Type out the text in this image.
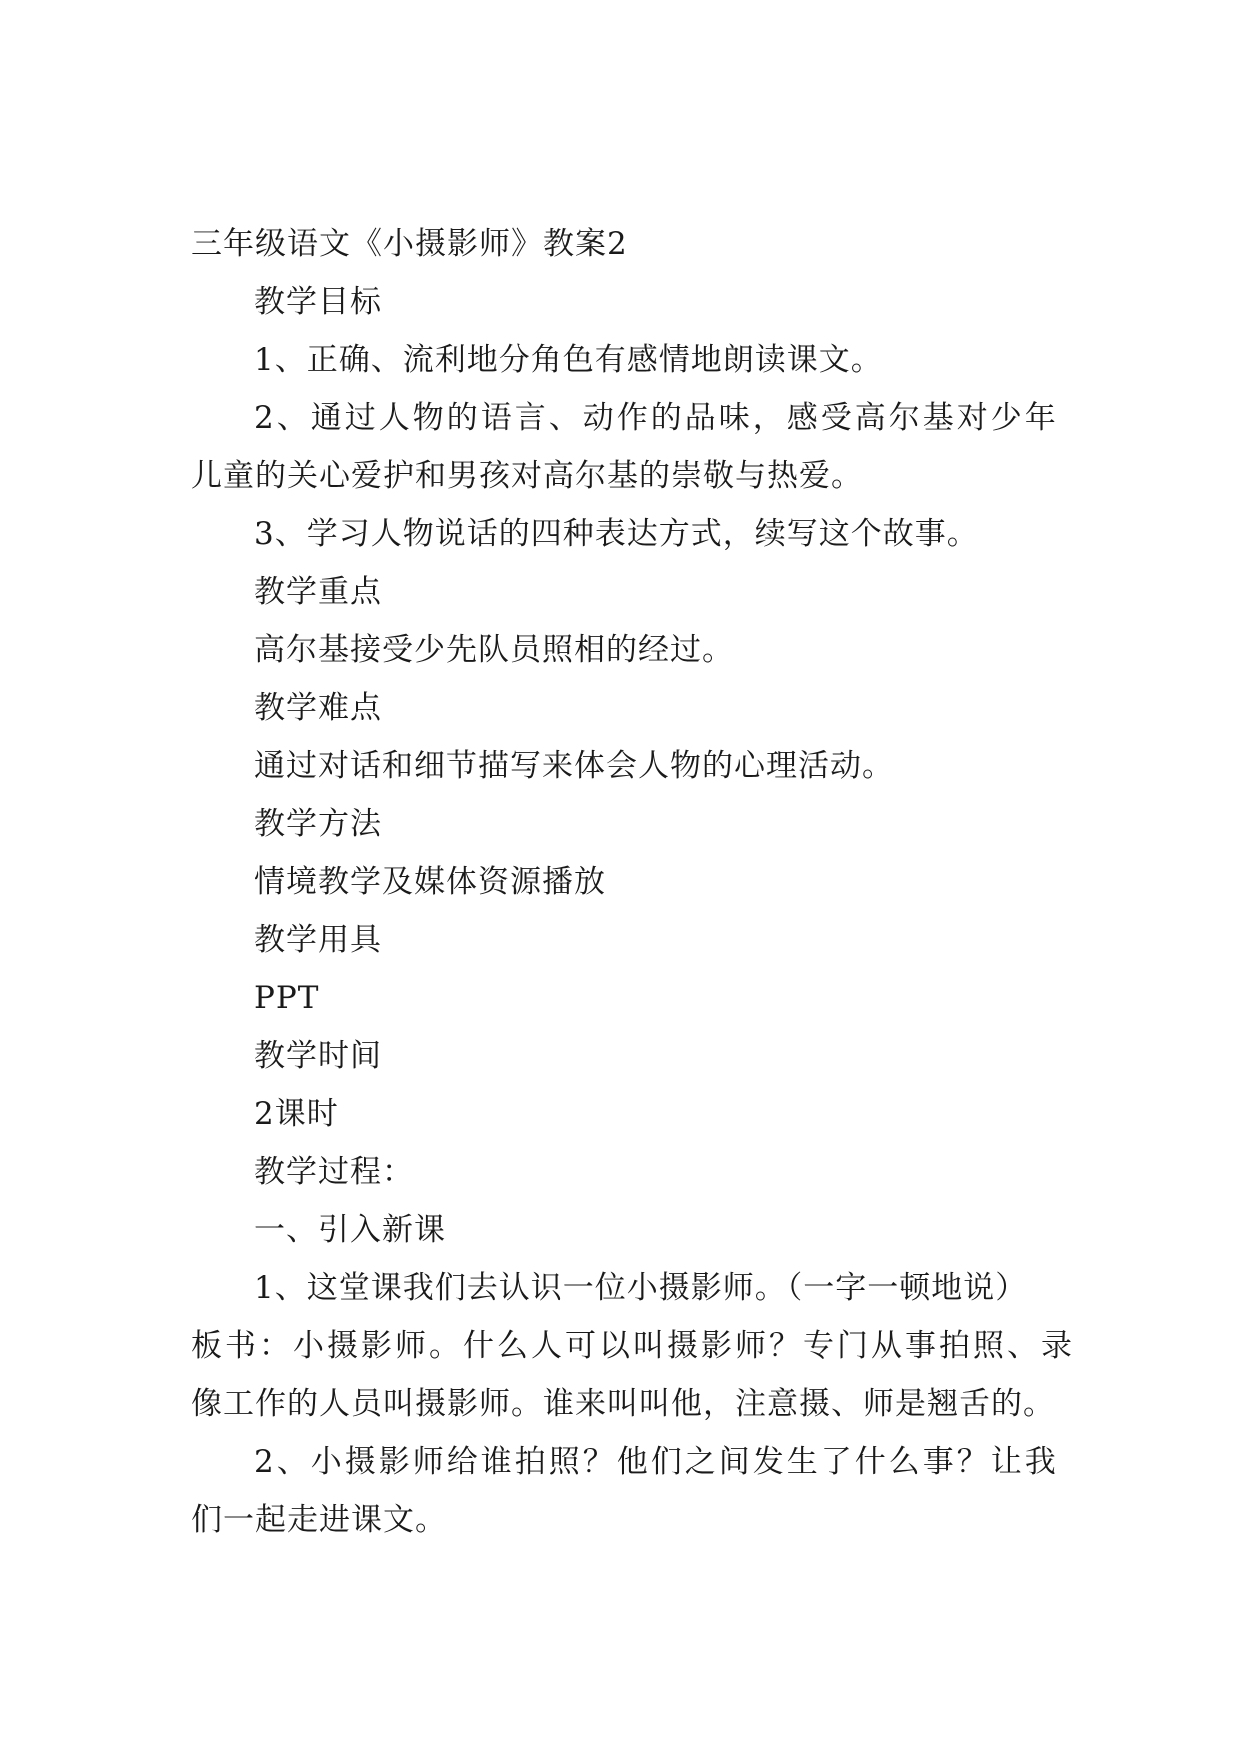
三年级语文《小摄影师》教案2
教学目标
1、正确、流利地分角色有感情地朗读课文。
2、通过人物的语言、动作的品味，感受高尔基对少年
儿童的关心爱护和男孩对高尔基的崇敬与热爱。
3、学习人物说话的四种表达方式，续写这个故事。
教学重点
高尔基接受少先队员照相的经过。
教学难点
通过对话和细节描写来体会人物的心理活动。
教学方法
情境教学及媒体资源播放
教学用具
PPT
教学时间
2课时
教学过程：
一、引入新课
1、这堂课我们去认识一位小摄影师。（一字一顿地说）
板书：小摄影师。什么人可以叫摄影师？专门从事拍照、录
像工作的人员叫摄影师。谁来叫叫他，注意摄、师是翘舌的。
2、小摄影师给谁拍照？他们之间发生了什么事？让我
们一起走进课文。
